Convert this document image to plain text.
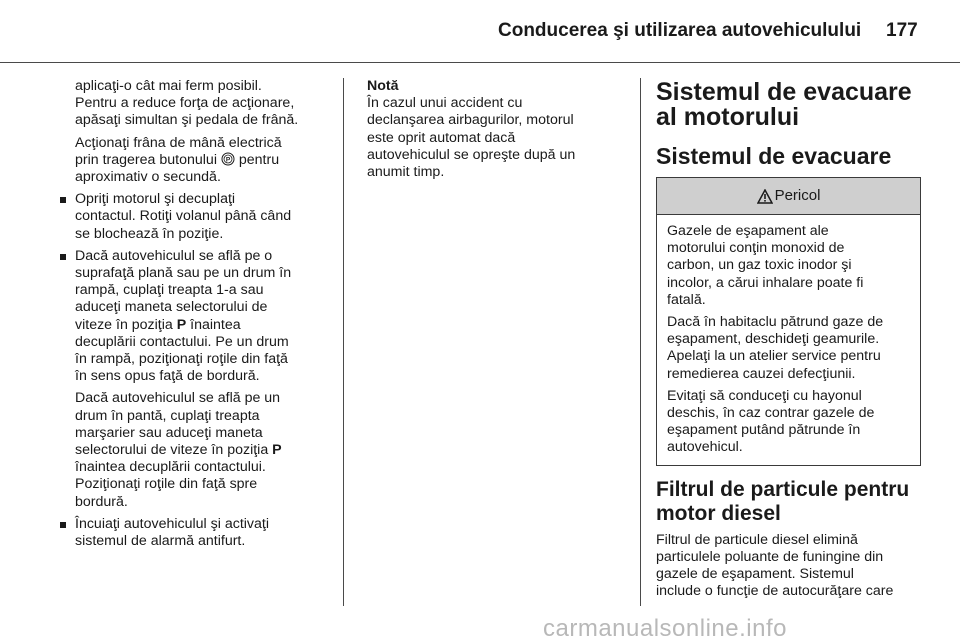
Conducerea şi utilizarea autovehiculului 177

aplicaţi-o cât mai ferm posibil.
Pentru a reduce forţa de acţionare,
apăsaţi simultan şi pedala de frână.

Acţionaţi frâna de mână electrică
prin tragerea butonului P pentru
aproximativ o secundă.

Opriţi motorul şi decuplaţi
contactul. Rotiţi volanul până când
se blochează în poziţie.
Dacă autovehiculul se află pe o
suprafaţă plană sau pe un drum în
rampă, cuplaţi treapta 1-a sau
aduceţi maneta selectorului de
viteze în poziţia P înaintea
decuplării contactului. Pe un drum
în rampă, poziţionaţi roţile din faţă
în sens opus faţă de bordură.

Dacă autovehiculul se află pe un
drum în pantă, cuplaţi treapta
marşarier sau aduceţi maneta
selectorului de viteze în poziţia P
înaintea decuplării contactului.
Poziţionaţi roţile din faţă spre
bordură.

Încuiaţi autovehiculul şi activaţi
sistemul de alarmă antifurt.
Notă
În cazul unui accident cu
declanşarea airbagurilor, motorul
este oprit automat dacă
autovehiculul se opreşte după un
anumit timp.
Sistemul de evacuare al motorului
Sistemul de evacuare
Pericol

Gazele de eşapament ale
motorului conţin monoxid de
carbon, un gaz toxic inodor şi
incolor, a cărui inhalare poate fi
fatală.

Dacă în habitaclu pătrund gaze de
eşapament, deschideţi geamurile.
Apelaţi la un atelier service pentru
remedierea cauzei defecţiunii.

Evitaţi să conduceţi cu hayonul
deschis, în caz contrar gazele de
eşapament putând pătrunde în
autovehicul.

Filtrul de particule pentru motor diesel
Filtrul de particule diesel elimină
particulele poluante de funingine din
gazele de eşapament. Sistemul
include o funcţie de autocurăţare care
carmanualsonline.info
